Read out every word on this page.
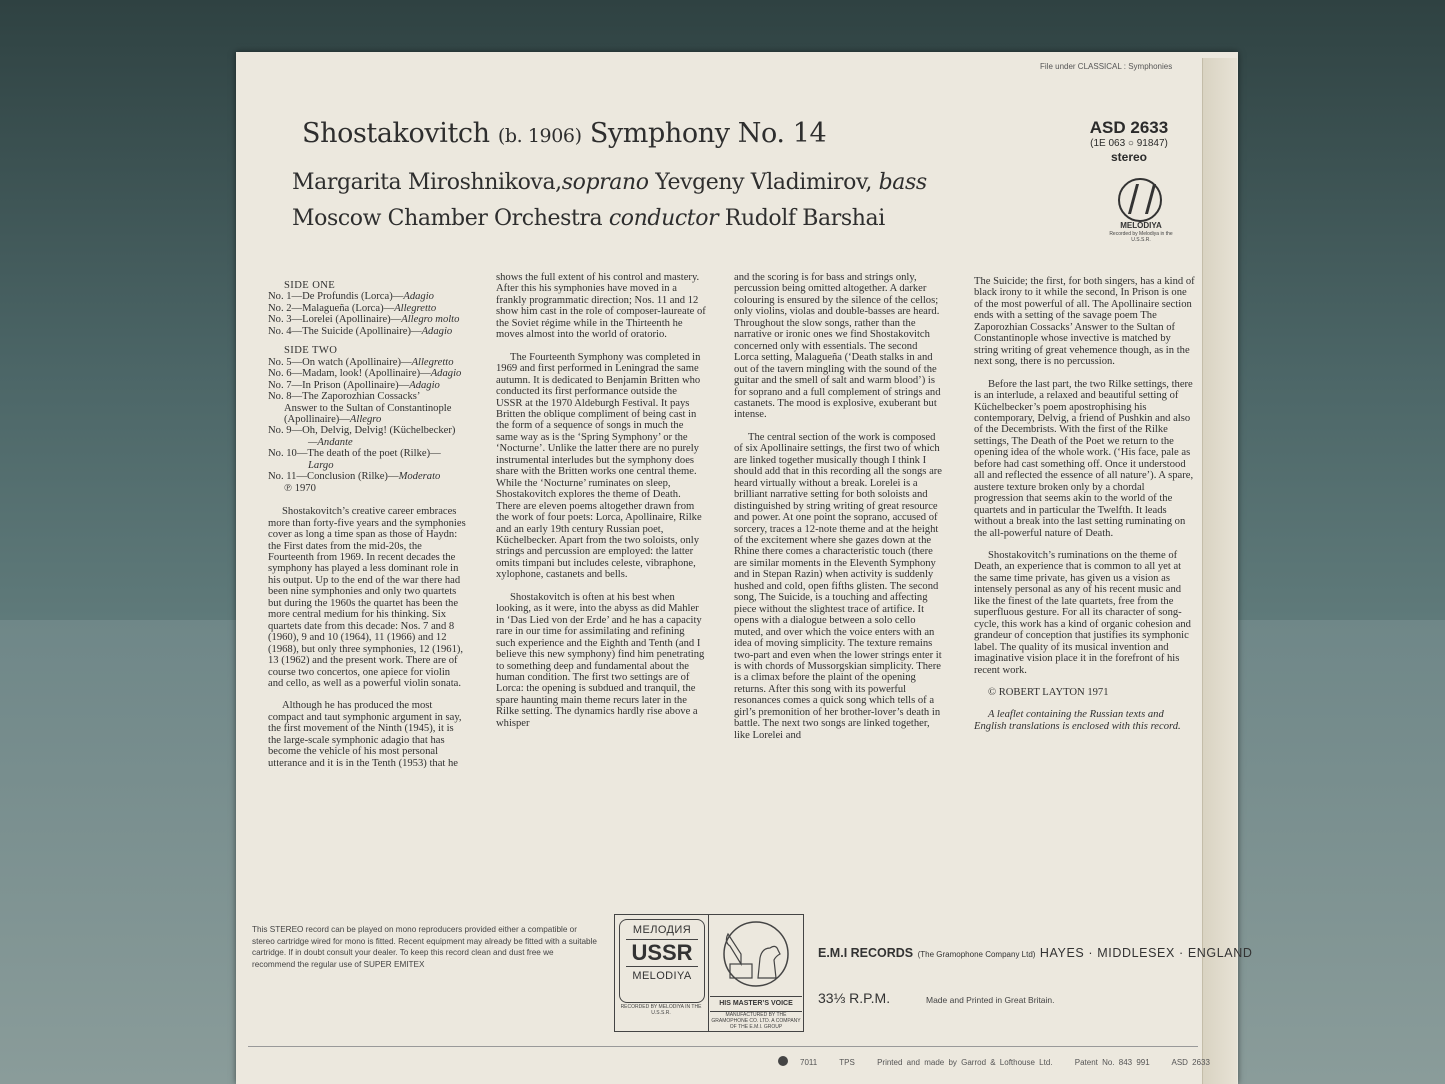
File under CLASSICAL : Symphonies
Shostakovitch (b. 1906) Symphony No. 14
Margarita Miroshnikova,soprano Yevgeny Vladimirov, bass
Moscow Chamber Orchestra conductor Rudolf Barshai
ASD 2633
(1E 063 ○ 91847)
stereo
MELODIYA
Recorded by Melodiya in the U.S.S.R.
SIDE ONE
No. 1—De Profundis (Lorca)—Adagio
No. 2—Malagueña (Lorca)—Allegretto
No. 3—Lorelei (Apollinaire)—Allegro molto
No. 4—The Suicide (Apollinaire)—Adagio
SIDE TWO
No. 5—On watch (Apollinaire)—Allegretto
No. 6—Madam, look! (Apollinaire)—Adagio
No. 7—In Prison (Apollinaire)—Adagio
No. 8—The Zaporozhian Cossacks’
Answer to the Sultan of Constantinople
(Apollinaire)—Allegro
No. 9—Oh, Delvig, Delvig! (Küchelbecker)
—Andante
No. 10—The death of the poet (Rilke)—
Largo
No. 11—Conclusion (Rilke)—Moderato
℗ 1970

Shostakovitch’s creative career embraces more than forty-five years and the symphonies cover as long a time span as those of Haydn: the First dates from the mid-20s, the Fourteenth from 1969. In recent decades the symphony has played a less dominant role in his output. Up to the end of the war there had been nine symphonies and only two quartets but during the 1960s the quartet has been the more central medium for his thinking. Six quartets date from this decade: Nos. 7 and 8 (1960), 9 and 10 (1964), 11 (1966) and 12 (1968), but only three symphonies, 12 (1961), 13 (1962) and the present work. There are of course two concertos, one apiece for violin and cello, as well as a powerful violin sonata.

Although he has produced the most compact and taut symphonic argument in say, the first movement of the Ninth (1945), it is the large-scale symphonic adagio that has become the vehicle of his most personal utterance and it is in the Tenth (1953) that he

shows the full extent of his control and mastery. After this his symphonies have moved in a frankly programmatic direction; Nos. 11 and 12 show him cast in the role of composer-laureate of the Soviet régime while in the Thirteenth he moves almost into the world of oratorio.

The Fourteenth Symphony was completed in 1969 and first performed in Leningrad the same autumn. It is dedicated to Benjamin Britten who conducted its first performance outside the USSR at the 1970 Aldeburgh Festival. It pays Britten the oblique compliment of being cast in the form of a sequence of songs in much the same way as is the ‘Spring Symphony’ or the ‘Nocturne’. Unlike the latter there are no purely instrumental interludes but the symphony does share with the Britten works one central theme. While the ‘Nocturne’ ruminates on sleep, Shostakovitch explores the theme of Death. There are eleven poems altogether drawn from the work of four poets: Lorca, Apollinaire, Rilke and an early 19th century Russian poet, Küchelbecker. Apart from the two soloists, only strings and percussion are employed: the latter omits timpani but includes celeste, vibraphone, xylophone, castanets and bells.

Shostakovitch is often at his best when looking, as it were, into the abyss as did Mahler in ‘Das Lied von der Erde’ and he has a capacity rare in our time for assimilating and refining such experience and the Eighth and Tenth (and I believe this new symphony) find him penetrating to something deep and fundamental about the human condition. The first two settings are of Lorca: the opening is subdued and tranquil, the spare haunting main theme recurs later in the Rilke setting. The dynamics hardly rise above a whisper

and the scoring is for bass and strings only, percussion being omitted altogether. A darker colouring is ensured by the silence of the cellos; only violins, violas and double-basses are heard. Throughout the slow songs, rather than the narrative or ironic ones we find Shostakovitch concerned only with essentials. The second Lorca setting, Malagueña (‘Death stalks in and out of the tavern mingling with the sound of the guitar and the smell of salt and warm blood’) is for soprano and a full complement of strings and castanets. The mood is explosive, exuberant but intense.

The central section of the work is composed of six Apollinaire settings, the first two of which are linked together musically though I think I should add that in this recording all the songs are heard virtually without a break. Lorelei is a brilliant narrative setting for both soloists and distinguished by string writing of great resource and power. At one point the soprano, accused of sorcery, traces a 12-note theme and at the height of the excitement where she gazes down at the Rhine there comes a characteristic touch (there are similar moments in the Eleventh Symphony and in Stepan Razin) when activity is suddenly hushed and cold, open fifths glisten. The second song, The Suicide, is a touching and affecting piece without the slightest trace of artifice. It opens with a dialogue between a solo cello muted, and over which the voice enters with an idea of moving simplicity. The texture remains two-part and even when the lower strings enter it is with chords of Mussorgskian simplicity. There is a climax before the plaint of the opening returns. After this song with its powerful resonances comes a quick song which tells of a girl’s premonition of her brother-lover’s death in battle. The next two songs are linked together, like Lorelei and

The Suicide; the first, for both singers, has a kind of black irony to it while the second, In Prison is one of the most powerful of all. The Apollinaire section ends with a setting of the savage poem The Zaporozhian Cossacks’ Answer to the Sultan of Constantinople whose invective is matched by string writing of great vehemence though, as in the next song, there is no percussion.

Before the last part, the two Rilke settings, there is an interlude, a relaxed and beautiful setting of Küchelbecker’s poem apostrophising his contemporary, Delvig, a friend of Pushkin and also of the Decembrists. With the first of the Rilke settings, The Death of the Poet we return to the opening idea of the whole work. (‘His face, pale as before had cast something off. Once it understood all and reflected the essence of all nature’). A spare, austere texture broken only by a chordal progression that seems akin to the world of the quartets and in particular the Twelfth. It leads without a break into the last setting ruminating on the all-powerful nature of Death.

Shostakovitch’s ruminations on the theme of Death, an experience that is common to all yet at the same time private, has given us a vision as intensely personal as any of his recent music and like the finest of the late quartets, free from the superfluous gesture. For all its character of song-cycle, this work has a kind of organic cohesion and grandeur of conception that justifies its symphonic label. The quality of its musical invention and imaginative vision place it in the forefront of his recent work.

© ROBERT LAYTON 1971

A leaflet containing the Russian texts and English translations is enclosed with this record.

This STEREO record can be played on mono reproducers provided either a compatible or stereo cartridge wired for mono is fitted. Recent equipment may already be fitted with a suitable cartridge. If in doubt consult your dealer. To keep this record clean and dust free we recommend the regular use of SUPER EMITEX
МЕЛОДИЯ
USSR
MELODIYA
RECORDED BY MELODIYA IN THE U.S.S.R.
HIS MASTER’S VOICE
MANUFACTURED BY THE GRAMOPHONE CO. LTD. A COMPANY OF THE E.M.I. GROUP
E.M.I RECORDS (The Gramophone Company Ltd) HAYES · MIDDLESEX · ENGLAND
33⅓ R.P.M.	Made and Printed in Great Britain.
7011	TPS	Printed and made by Garrod & Lofthouse Ltd.	Patent No. 843 991	ASD 2633
